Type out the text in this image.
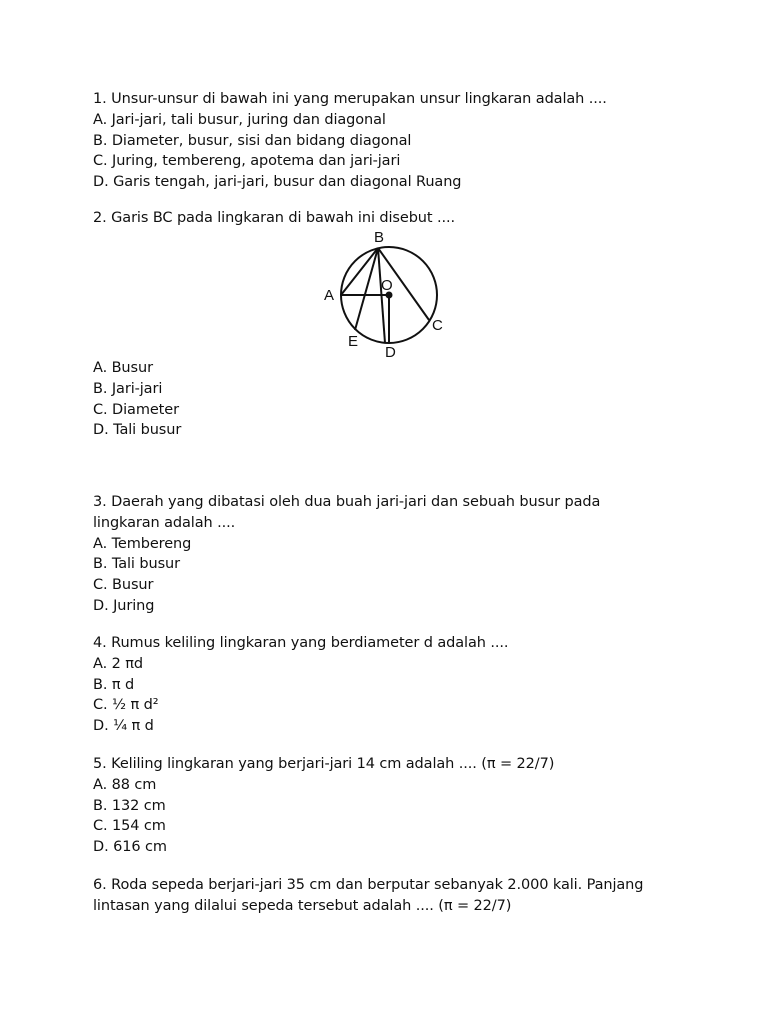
1. Unsur-unsur di bawah ini yang merupakan unsur lingkaran adalah ....
A. Jari-jari, tali busur, juring dan diagonal
B. Diameter, busur, sisi dan bidang diagonal
C. Juring, tembereng, apotema dan jari-jari
D. Garis tengah, jari-jari, busur dan diagonal Ruang
2. Garis BC pada lingkaran di bawah ini disebut ....
B
O
A
C
E
D
A. Busur
B. Jari-jari
C. Diameter
D. Tali busur
3. Daerah yang dibatasi oleh dua buah jari-jari dan sebuah busur pada
lingkaran adalah ....
A. Tembereng
B. Tali busur
C. Busur
D. Juring
4. Rumus keliling lingkaran yang berdiameter d adalah ....
A. 2 πd
B. π d
C. ½ π d²
D. ¼ π d
5. Keliling lingkaran yang berjari-jari 14 cm adalah .... (π = 22/7)
A. 88 cm
B. 132 cm
C. 154 cm
D. 616 cm
6. Roda sepeda berjari-jari 35 cm dan berputar sebanyak 2.000 kali. Panjang
lintasan yang dilalui sepeda tersebut adalah .... (π = 22/7)
